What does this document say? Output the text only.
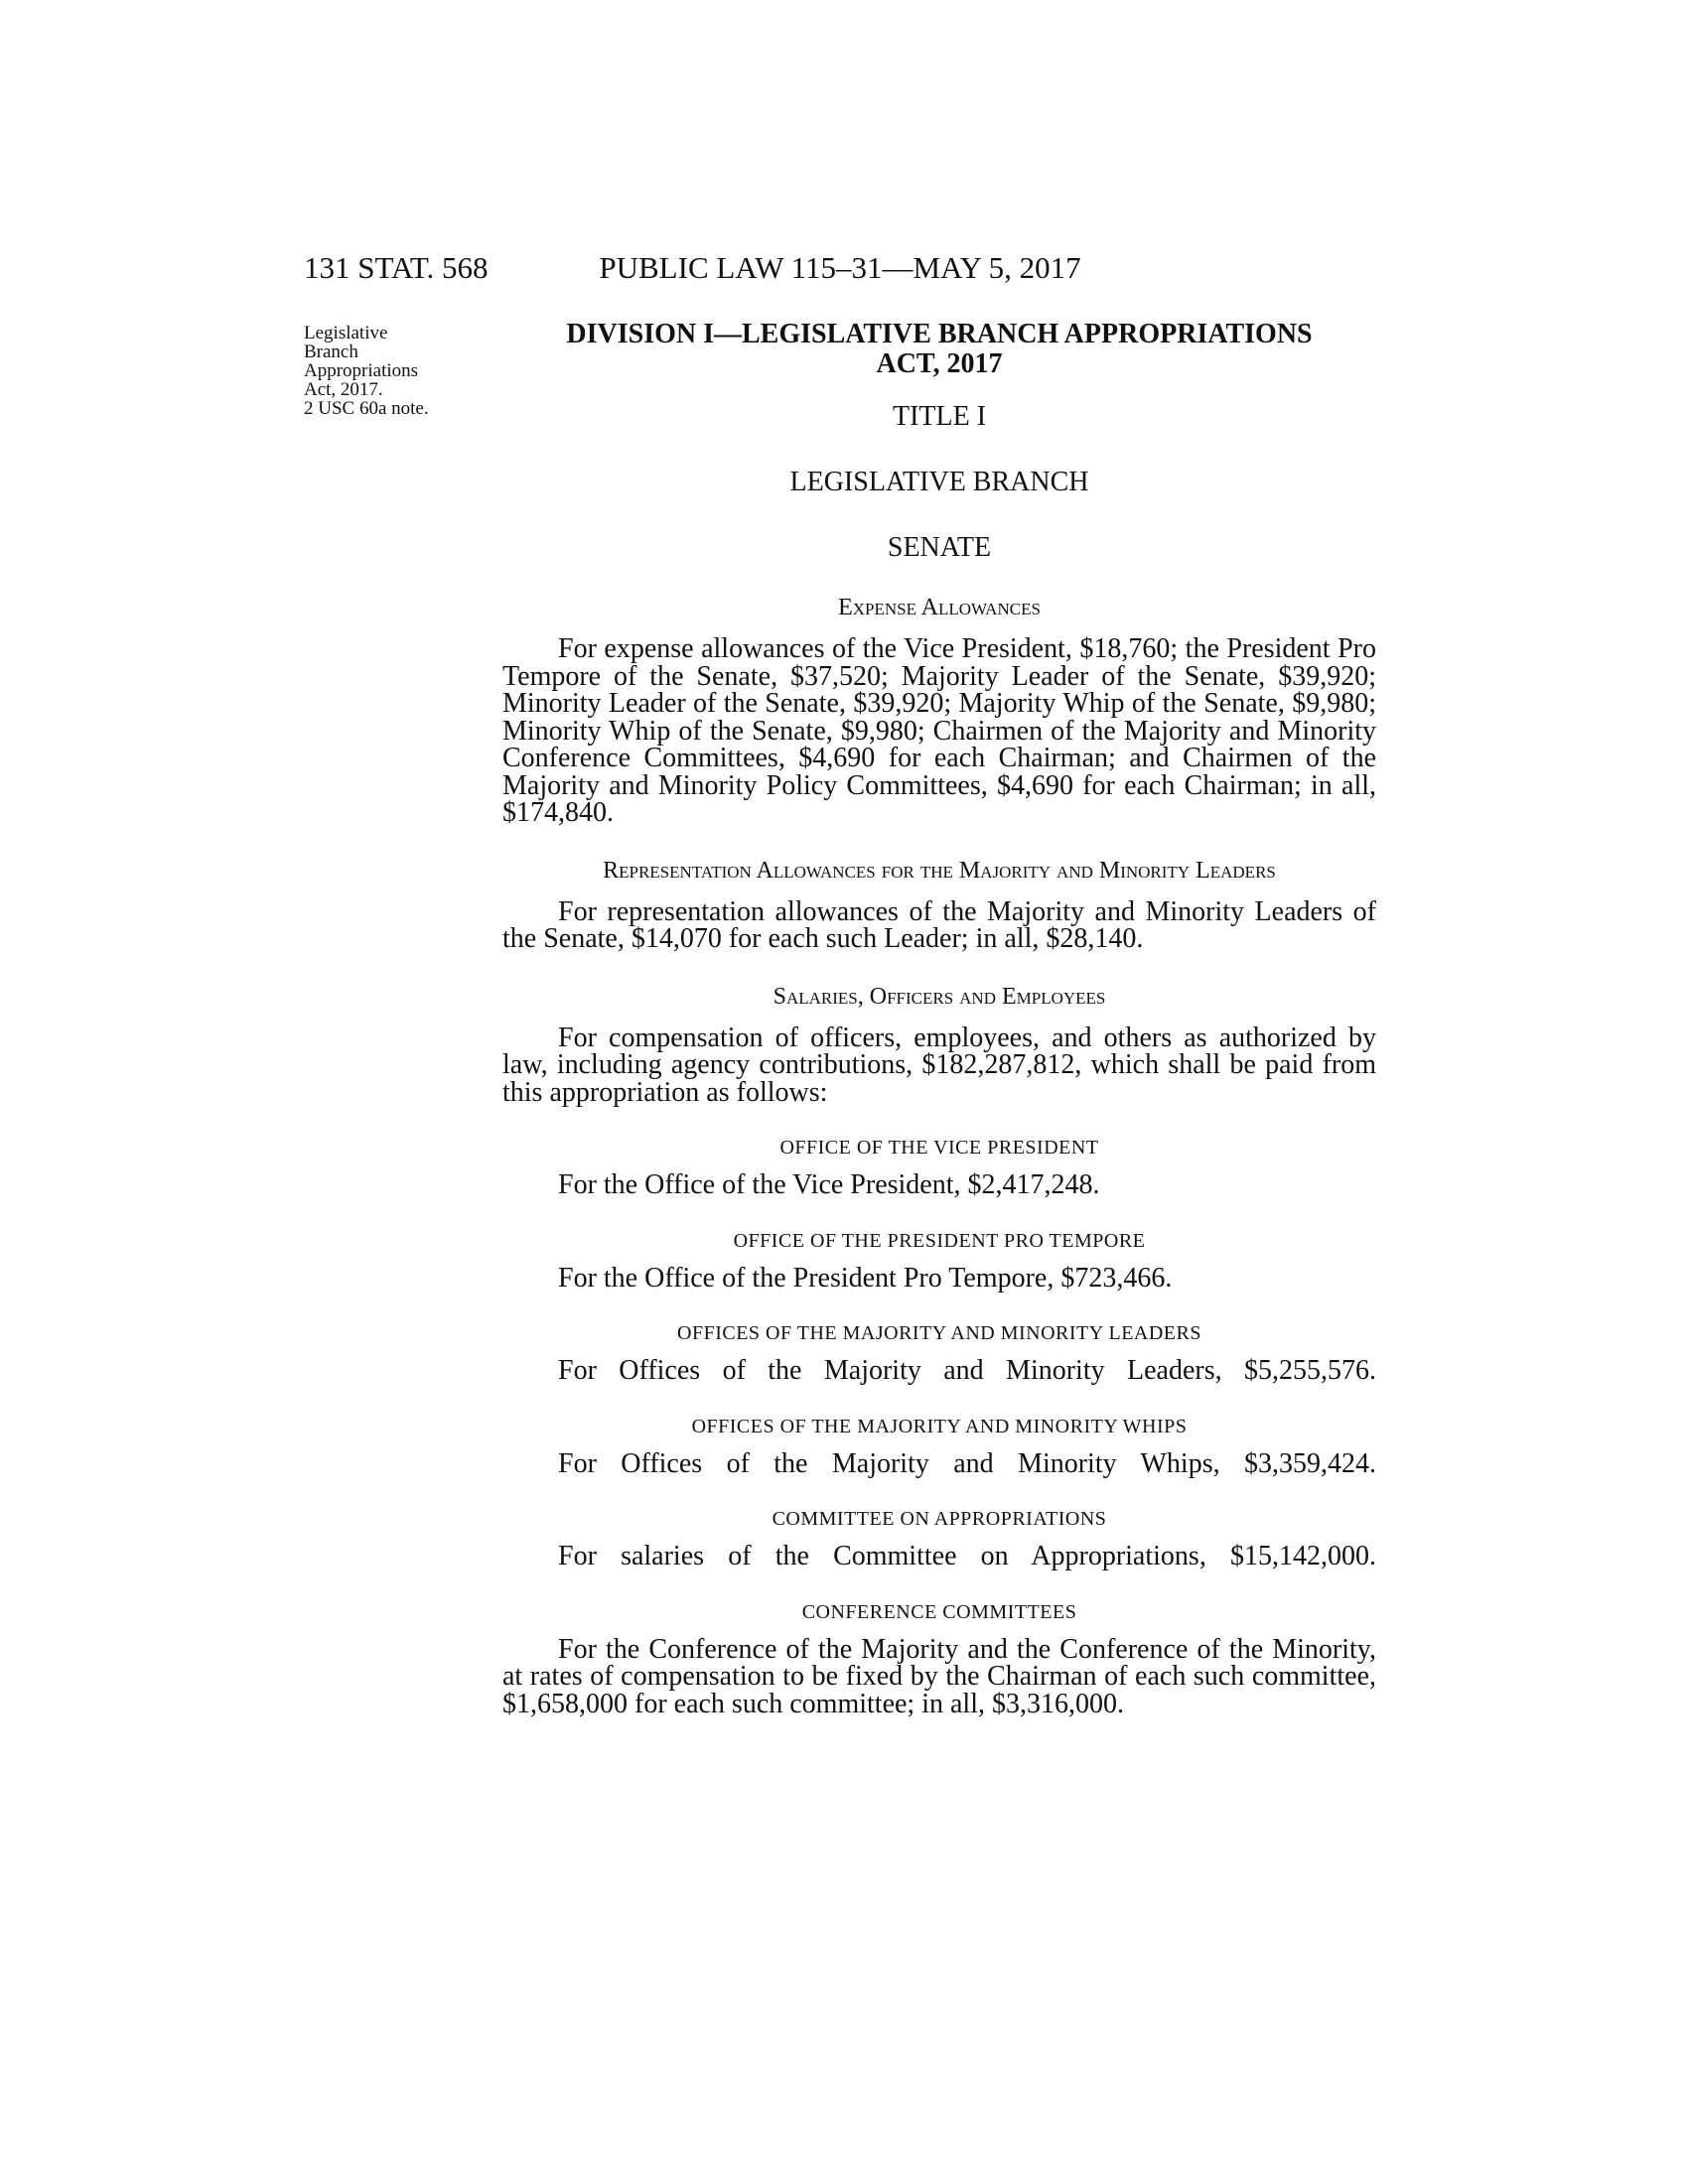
131 STAT. 568	PUBLIC LAW 115–31—MAY 5, 2017
Legislative
Branch
Appropriations
Act, 2017.
2 USC 60a note.
DIVISION I—LEGISLATIVE BRANCH APPROPRIATIONS
ACT, 2017
TITLE I
LEGISLATIVE BRANCH
SENATE
Expense Allowances

For expense allowances of the Vice President, $18,760; the President Pro Tempore of the Senate, $37,520; Majority Leader of the Senate, $39,920; Minority Leader of the Senate, $39,920; Majority Whip of the Senate, $9,980; Minority Whip of the Senate, $9,980; Chairmen of the Majority and Minority Conference Committees, $4,690 for each Chairman; and Chairmen of the Majority and Minority Policy Committees, $4,690 for each Chairman; in all, $174,840.

Representation Allowances for the Majority and Minority Leaders

For representation allowances of the Majority and Minority Leaders of the Senate, $14,070 for each such Leader; in all, $28,140.

Salaries, Officers and Employees

For compensation of officers, employees, and others as authorized by law, including agency contributions, $182,287,812, which shall be paid from this appropriation as follows:

OFFICE OF THE VICE PRESIDENT

For the Office of the Vice President, $2,417,248.

OFFICE OF THE PRESIDENT PRO TEMPORE

For the Office of the President Pro Tempore, $723,466.

OFFICES OF THE MAJORITY AND MINORITY LEADERS

For Offices of the Majority and Minority Leaders, $5,255,576.

OFFICES OF THE MAJORITY AND MINORITY WHIPS

For Offices of the Majority and Minority Whips, $3,359,424.

COMMITTEE ON APPROPRIATIONS

For salaries of the Committee on Appropriations, $15,142,000.

CONFERENCE COMMITTEES

For the Conference of the Majority and the Conference of the Minority, at rates of compensation to be fixed by the Chairman of each such committee, $1,658,000 for each such committee; in all, $3,316,000.
